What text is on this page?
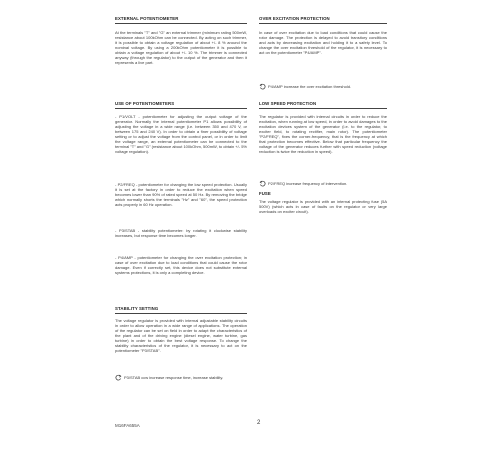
EXTERNAL POTENTIOMETER
At the terminals "T" and "G" an external trimmer (minimum rating 500mW, resistance about 100kOhm can be connected. By acting on such trimmer, it is possible to obtain a voltage regulation of about +/- 8 % around the nominal voltage. By using a 200kOhm potentiometer it is possible to obtain a voltage regulation of about +/- 10 %. The trimmer is connected anyway (through the regulator) to the output of the generator and then it represents a live part.
USE OF POTENTIOMETERS
- P1/VOLT - potentiometer for adjusting the output voltage of the generator. Normally the internal potentiometer P1 allows possibility of adjusting the voltage in a wide range (i.e. between 350 and 470 V, or between 175 and 240 V). In order to obtain a finer possibility of voltage setting or to adjust the voltage from the control panel, or in order to limit the voltage range, an external potentiometer can be connected to the terminal "T" and "G" (resistance about 100kOhm, 500mW, to obtain +/- 5% voltage regulation).
- P2/FREQ - potentiometer for changing the low speed protection. Usually it is set at the factory in order to reduce the excitation when speed becomes lower than 90% of rated speed at 50 Hz. By removing the bridge which normally shorts the terminals "Hz" and "60", the speed protection acts properly in 60 Hz operation.
- P3/STAB - stability potentiometer: by rotating it clockwise stability increases, but response time becomes longer.
- P4/AMP - potentiometer for changing the over excitation protection; in case of over excitation due to load conditions that could cause the rotor damage. Even if correctly set, this device does not substitute external systems protections, it is only a completing device.
STABILITY SETTING
The voltage regulator is provided with internal adjustable stability circuits in order to allow operation in a wide range of applications. The operation of the regulator can be set on field in order to adapt the characteristics of the plant and of the driving engine (diesel engine, water turbine, gas turbine) in order to obtain the best voltage response. To change the stability characteristics of the regulator, it is necessary to act on the potentiometer "P3/STAB".
P3/STAB ccw increase response time, increase stability.
OVER EXCITATION PROTECTION
In case of over excitation due to load conditions that could cause the rotor damage. The protection is delayed to avoid transitory conditions and acts by decreasing excitation and holding it to a safety level. To change the over excitation threshold of the regulator, it is necessary to act on the potentiometer "P4/AMP".
P4/AMP increase the over excitation threshold.
LOW SPEED PROTECTION
The regulator is provided with internal circuits in order to reduce the excitation, when running at low speed, in order to avoid damages to the excitation devices system of the generator (i.e. to the regulator, to exciter field, to rotating rectifier, main rotor). The potentiometer "P2/FREQ", fixes the corner-frequency, that is the frequency at which that protection becomes effective. Below that particular frequency the voltage of the generator reduces further with speed reduction (voltage reduction is twice the reduction in speed).
P2/FREQ increase frequency of intervention.
FUSE
The voltage regulator is provided with an internal protecting fuse (5A 500V) (which acts in case of faults on the regulator or very large overloads on exciter circuit).
M16FA655A	2
